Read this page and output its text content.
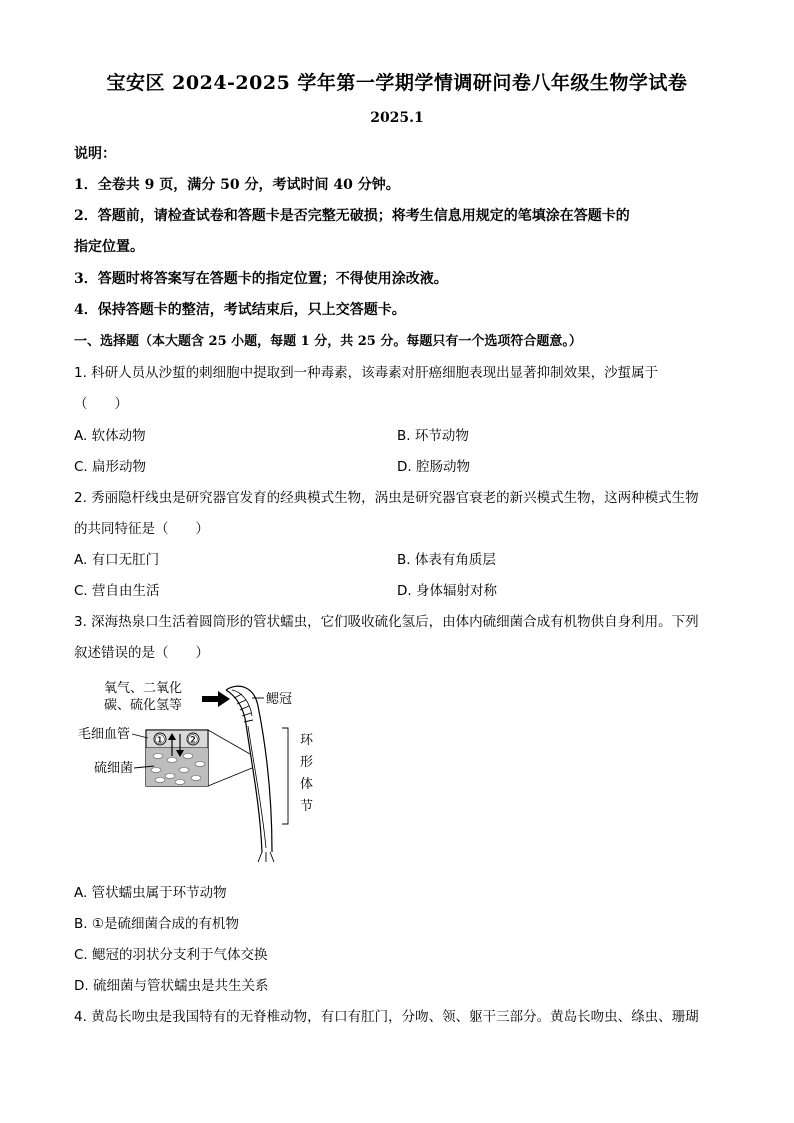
宝安区 2024-2025 学年第一学期学情调研问卷八年级生物学试卷
2025.1
说明：
1．全卷共 9 页，满分 50 分，考试时间 40 分钟。
2．答题前，请检查试卷和答题卡是否完整无破损；将考生信息用规定的笔填涂在答题卡的
指定位置。
3．答题时将答案写在答题卡的指定位置；不得使用涂改液。
4．保持答题卡的整洁，考试结束后，只上交答题卡。
一、选择题（本大题含 25 小题，每题 1 分，共 25 分。每题只有一个选项符合题意。）
1. 科研人员从沙蜇的刺细胞中提取到一种毒素，该毒素对肝癌细胞表现出显著抑制效果，沙蜇属于
（　　）
A. 软体动物	B. 环节动物
C. 扁形动物	D. 腔肠动物
2. 秀丽隐杆线虫是研究器官发育的经典模式生物，涡虫是研究器官衰老的新兴模式生物，这两种模式生物
的共同特征是（　　）
A. 有口无肛门	B. 体表有角质层
C. 营自由生活	D. 身体辐射对称
3. 深海热泉口生活着圆筒形的管状蠕虫，它们吸收硫化氢后，由体内硫细菌合成有机物供自身利用。下列
叙述错误的是（　　）
氧气、二氧化
碳、硫化氢等	鳃冠
环
形
体
节
① ②
毛细血管
硫细菌
A. 管状蠕虫属于环节动物
B. ①是硫细菌合成的有机物
C. 鳃冠的羽状分支利于气体交换
D. 硫细菌与管状蠕虫是共生关系
4. 黄岛长吻虫是我国特有的无脊椎动物，有口有肛门，分吻、领、躯干三部分。黄岛长吻虫、绦虫、珊瑚
